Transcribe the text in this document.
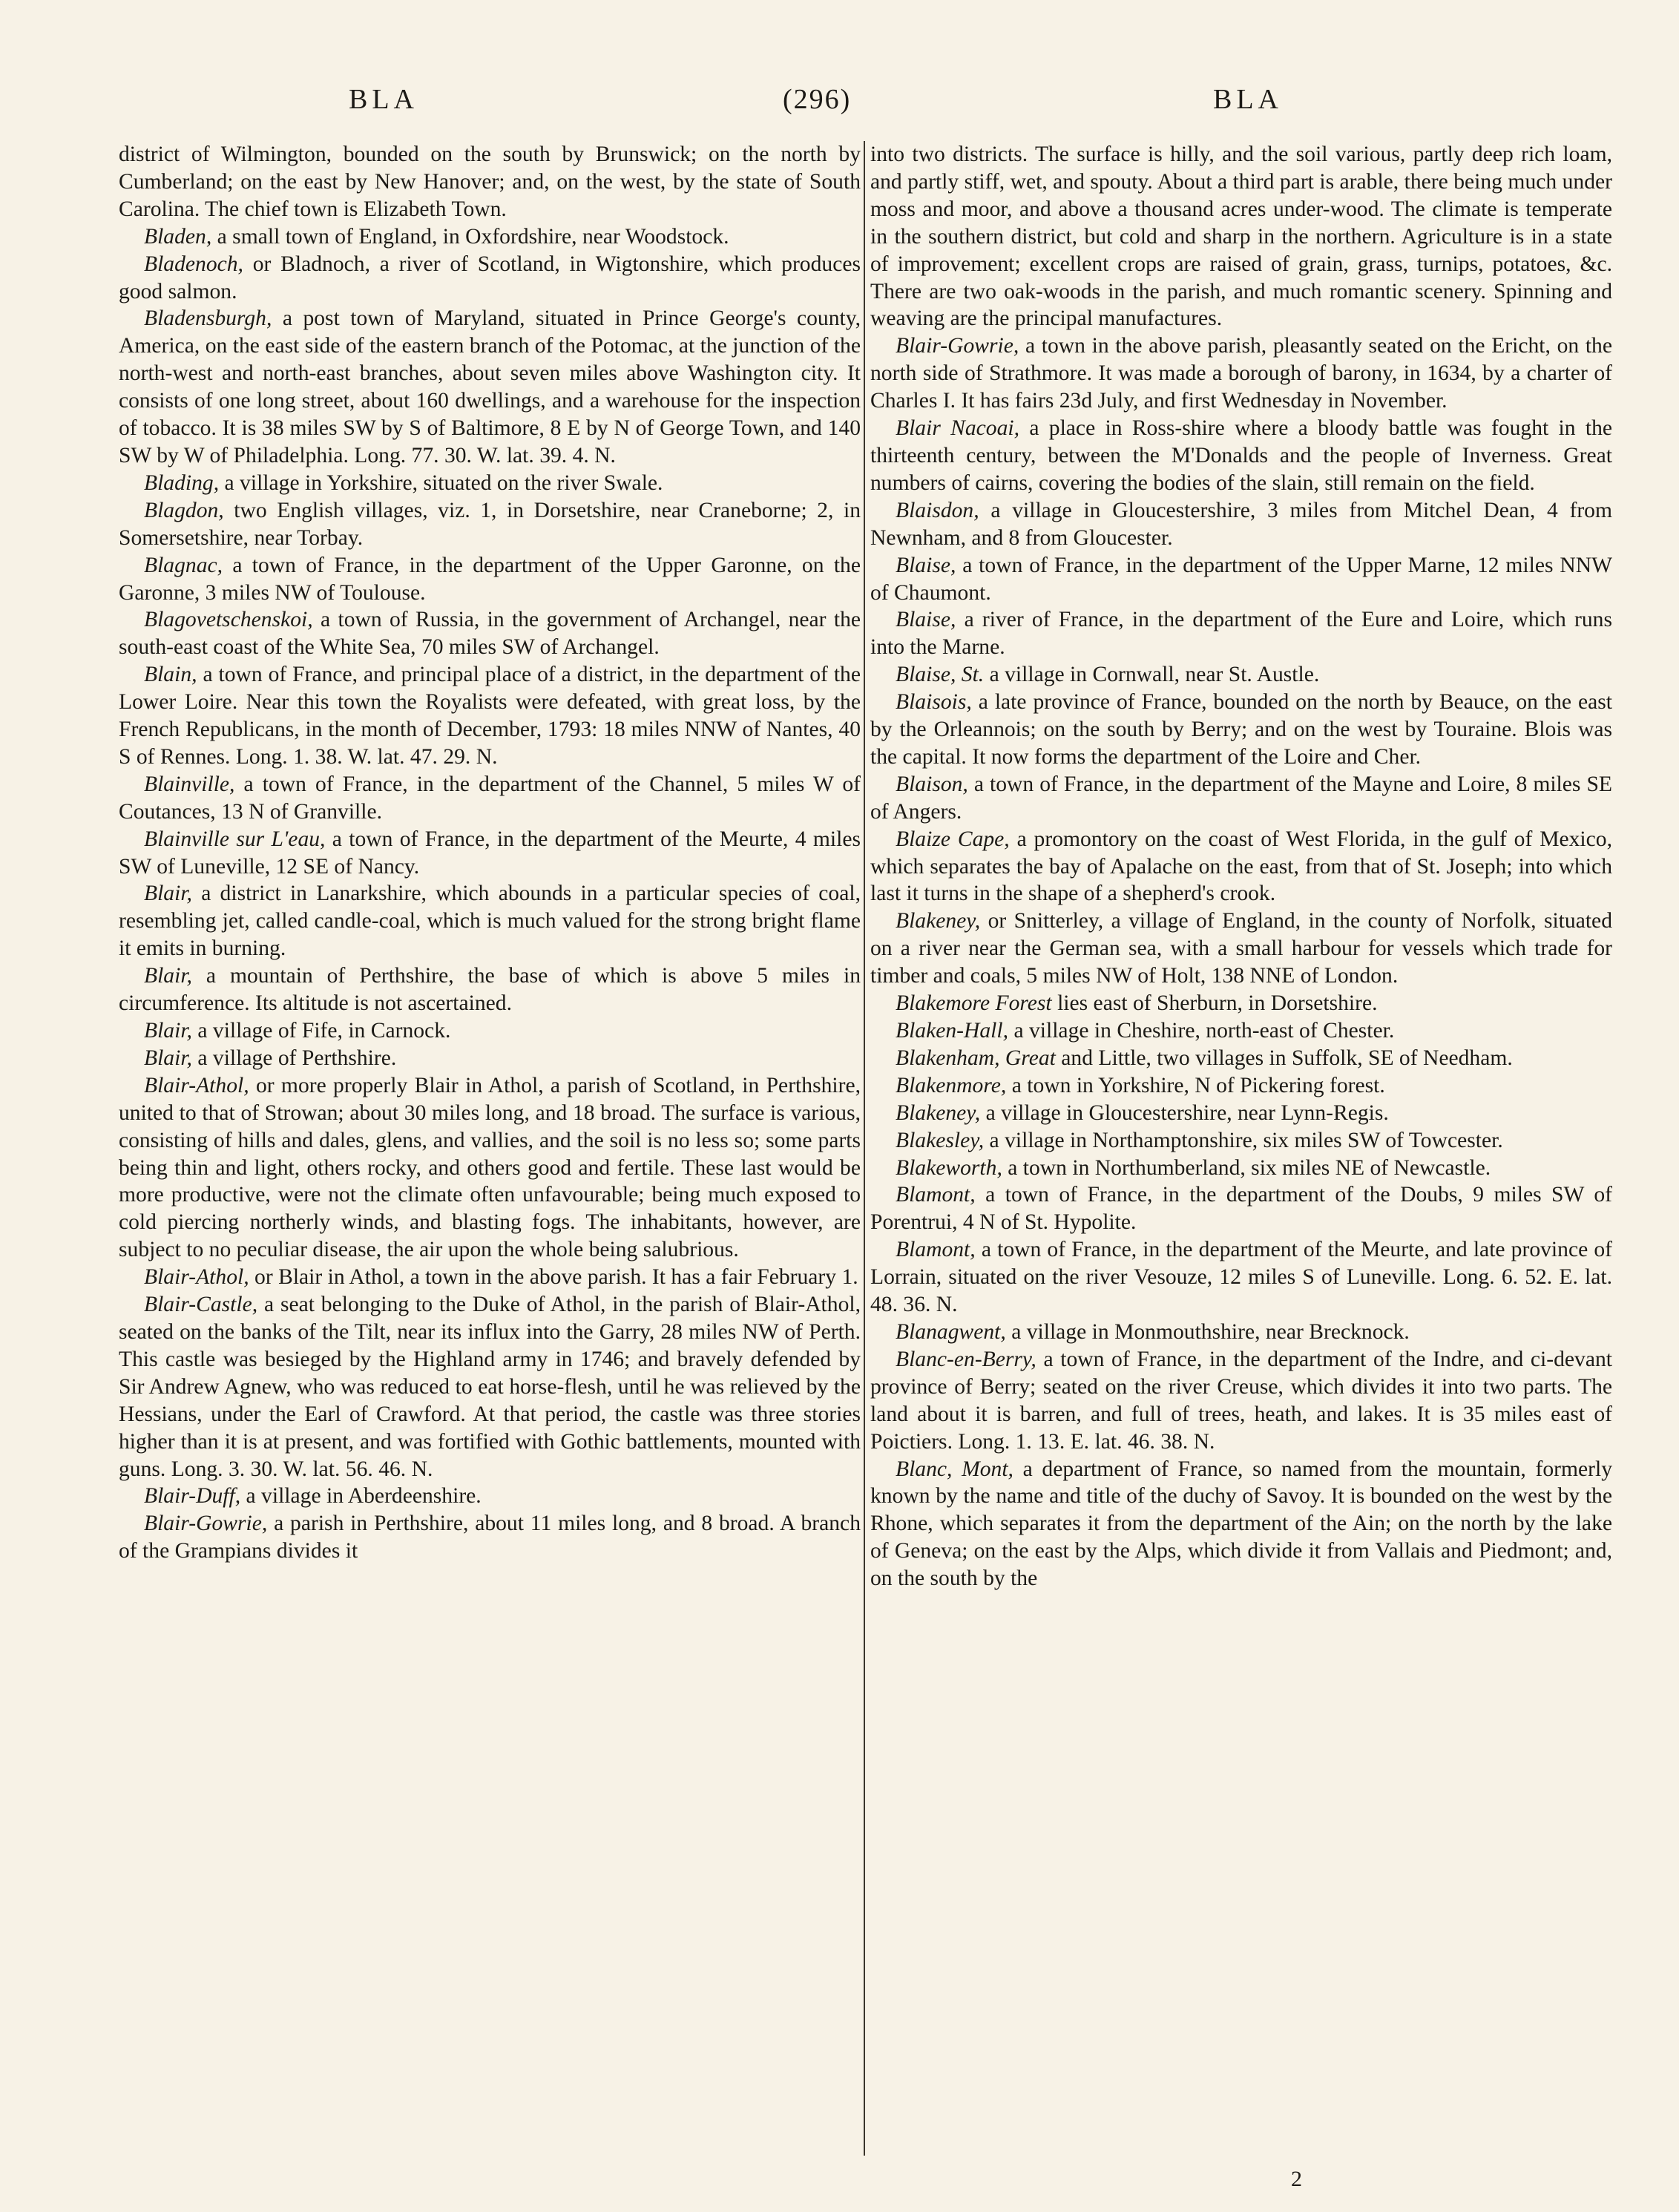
BLA	(296)	BLA

district of Wilmington, bounded on the south by Brunswick; on the north by Cumberland; on the east by New Hanover; and, on the west, by the state of South Carolina. The chief town is Elizabeth Town.

Bladen, a small town of England, in Oxfordshire, near Woodstock.

Bladenoch, or Bladnoch, a river of Scotland, in Wigtonshire, which produces good salmon.

Bladensburgh, a post town of Maryland, situated in Prince George's county, America, on the east side of the eastern branch of the Potomac, at the junction of the north-west and north-east branches, about seven miles above Washington city. It consists of one long street, about 160 dwellings, and a warehouse for the inspection of tobacco. It is 38 miles SW by S of Baltimore, 8 E by N of George Town, and 140 SW by W of Philadelphia. Long. 77. 30. W. lat. 39. 4. N.

Blading, a village in Yorkshire, situated on the river Swale.

Blagdon, two English villages, viz. 1, in Dorsetshire, near Craneborne; 2, in Somersetshire, near Torbay.

Blagnac, a town of France, in the department of the Upper Garonne, on the Garonne, 3 miles NW of Toulouse.

Blagovetschenskoi, a town of Russia, in the government of Archangel, near the south-east coast of the White Sea, 70 miles SW of Archangel.

Blain, a town of France, and principal place of a district, in the department of the Lower Loire. Near this town the Royalists were defeated, with great loss, by the French Republicans, in the month of December, 1793: 18 miles NNW of Nantes, 40 S of Rennes. Long. 1. 38. W. lat. 47. 29. N.

Blainville, a town of France, in the department of the Channel, 5 miles W of Coutances, 13 N of Granville.

Blainville sur L'eau, a town of France, in the department of the Meurte, 4 miles SW of Luneville, 12 SE of Nancy.

Blair, a district in Lanarkshire, which abounds in a particular species of coal, resembling jet, called candle-coal, which is much valued for the strong bright flame it emits in burning.

Blair, a mountain of Perthshire, the base of which is above 5 miles in circumference. Its altitude is not ascertained.

Blair, a village of Fife, in Carnock.

Blair, a village of Perthshire.

Blair-Athol, or more properly Blair in Athol, a parish of Scotland, in Perthshire, united to that of Strowan; about 30 miles long, and 18 broad. The surface is various, consisting of hills and dales, glens, and vallies, and the soil is no less so; some parts being thin and light, others rocky, and others good and fertile. These last would be more productive, were not the climate often unfavourable; being much exposed to cold piercing northerly winds, and blasting fogs. The inhabitants, however, are subject to no peculiar disease, the air upon the whole being salubrious.

Blair-Athol, or Blair in Athol, a town in the above parish. It has a fair February 1.

Blair-Castle, a seat belonging to the Duke of Athol, in the parish of Blair-Athol, seated on the banks of the Tilt, near its influx into the Garry, 28 miles NW of Perth. This castle was besieged by the Highland army in 1746; and bravely defended by Sir Andrew Agnew, who was reduced to eat horse-flesh, until he was relieved by the Hessians, under the Earl of Crawford. At that period, the castle was three stories higher than it is at present, and was fortified with Gothic battlements, mounted with guns. Long. 3. 30. W. lat. 56. 46. N.

Blair-Duff, a village in Aberdeenshire.

Blair-Gowrie, a parish in Perthshire, about 11 miles long, and 8 broad. A branch of the Grampians divides it

into two districts. The surface is hilly, and the soil various, partly deep rich loam, and partly stiff, wet, and spouty. About a third part is arable, there being much under moss and moor, and above a thousand acres under-wood. The climate is temperate in the southern district, but cold and sharp in the northern. Agriculture is in a state of improvement; excellent crops are raised of grain, grass, turnips, potatoes, &c. There are two oak-woods in the parish, and much romantic scenery. Spinning and weaving are the principal manufactures.

Blair-Gowrie, a town in the above parish, pleasantly seated on the Ericht, on the north side of Strathmore. It was made a borough of barony, in 1634, by a charter of Charles I. It has fairs 23d July, and first Wednesday in November.

Blair Nacoai, a place in Ross-shire where a bloody battle was fought in the thirteenth century, between the M'Donalds and the people of Inverness. Great numbers of cairns, covering the bodies of the slain, still remain on the field.

Blaisdon, a village in Gloucestershire, 3 miles from Mitchel Dean, 4 from Newnham, and 8 from Gloucester.

Blaise, a town of France, in the department of the Upper Marne, 12 miles NNW of Chaumont.

Blaise, a river of France, in the department of the Eure and Loire, which runs into the Marne.

Blaise, St. a village in Cornwall, near St. Austle.

Blaisois, a late province of France, bounded on the north by Beauce, on the east by the Orleannois; on the south by Berry; and on the west by Touraine. Blois was the capital. It now forms the department of the Loire and Cher.

Blaison, a town of France, in the department of the Mayne and Loire, 8 miles SE of Angers.

Blaize Cape, a promontory on the coast of West Florida, in the gulf of Mexico, which separates the bay of Apalache on the east, from that of St. Joseph; into which last it turns in the shape of a shepherd's crook.

Blakeney, or Snitterley, a village of England, in the county of Norfolk, situated on a river near the German sea, with a small harbour for vessels which trade for timber and coals, 5 miles NW of Holt, 138 NNE of London.

Blakemore Forest lies east of Sherburn, in Dorsetshire.

Blaken-Hall, a village in Cheshire, north-east of Chester.

Blakenham, Great and Little, two villages in Suffolk, SE of Needham.

Blakenmore, a town in Yorkshire, N of Pickering forest.

Blakeney, a village in Gloucestershire, near Lynn-Regis.

Blakesley, a village in Northamptonshire, six miles SW of Towcester.

Blakeworth, a town in Northumberland, six miles NE of Newcastle.

Blamont, a town of France, in the department of the Doubs, 9 miles SW of Porentrui, 4 N of St. Hypolite.

Blamont, a town of France, in the department of the Meurte, and late province of Lorrain, situated on the river Vesouze, 12 miles S of Luneville. Long. 6. 52. E. lat. 48. 36. N.

Blanagwent, a village in Monmouthshire, near Brecknock.

Blanc-en-Berry, a town of France, in the department of the Indre, and ci-devant province of Berry; seated on the river Creuse, which divides it into two parts. The land about it is barren, and full of trees, heath, and lakes. It is 35 miles east of Poictiers. Long. 1. 13. E. lat. 46. 38. N.

Blanc, Mont, a department of France, so named from the mountain, formerly known by the name and title of the duchy of Savoy. It is bounded on the west by the Rhone, which separates it from the department of the Ain; on the north by the lake of Geneva; on the east by the Alps, which divide it from Vallais and Piedmont; and, on the south by the

2
